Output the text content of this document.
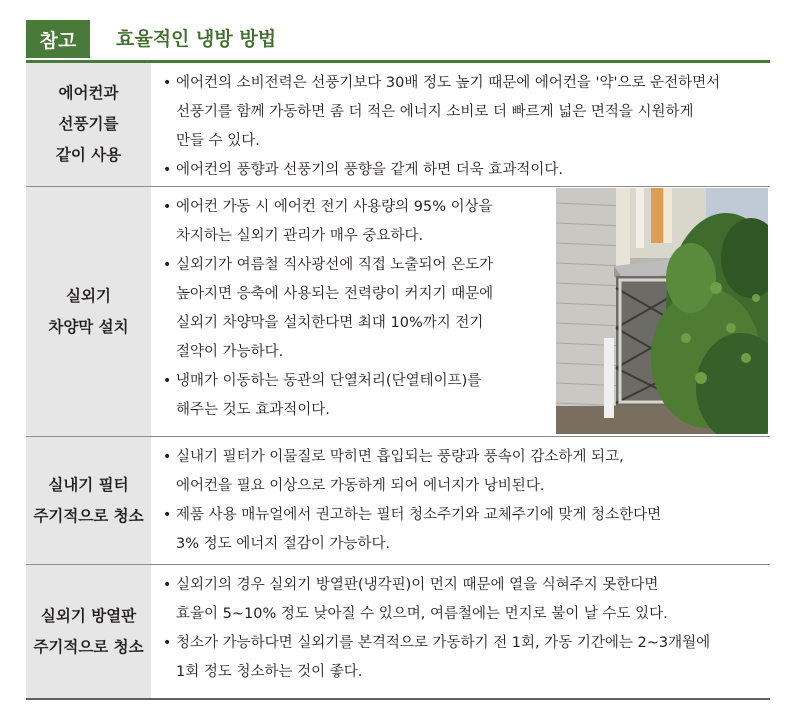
참고	효율적인 냉방 방법
에어컨과
선풍기를
같이 사용
• 에어컨의 소비전력은 선풍기보다 30배 정도 높기 때문에 에어컨을 '약'으로 운전하면서
선풍기를 함께 가동하면 좀 더 적은 에너지 소비로 더 빠르게 넓은 면적을 시원하게
만들 수 있다.
• 에어컨의 풍향과 선풍기의 풍향을 같게 하면 더욱 효과적이다.
실외기
차양막 설치
• 에어컨 가동 시 에어컨 전기 사용량의 95% 이상을
차지하는 실외기 관리가 매우 중요하다.
• 실외기가 여름철 직사광선에 직접 노출되어 온도가
높아지면 응축에 사용되는 전력량이 커지기 때문에
실외기 차양막을 설치한다면 최대 10%까지 전기
절약이 가능하다.
• 냉매가 이동하는 동관의 단열처리(단열테이프)를
해주는 것도 효과적이다.
실내기 필터
주기적으로 청소
• 실내기 필터가 이물질로 막히면 흡입되는 풍량과 풍속이 감소하게 되고,
에어컨을 필요 이상으로 가동하게 되어 에너지가 낭비된다.
• 제품 사용 매뉴얼에서 권고하는 필터 청소주기와 교체주기에 맞게 청소한다면
3% 정도 에너지 절감이 가능하다.
실외기 방열판
주기적으로 청소
• 실외기의 경우 실외기 방열판(냉각핀)이 먼지 때문에 열을 식혀주지 못한다면
효율이 5~10% 정도 낮아질 수 있으며, 여름철에는 먼지로 불이 날 수도 있다.
• 청소가 가능하다면 실외기를 본격적으로 가동하기 전 1회, 가동 기간에는 2~3개월에
1회 정도 청소하는 것이 좋다.
